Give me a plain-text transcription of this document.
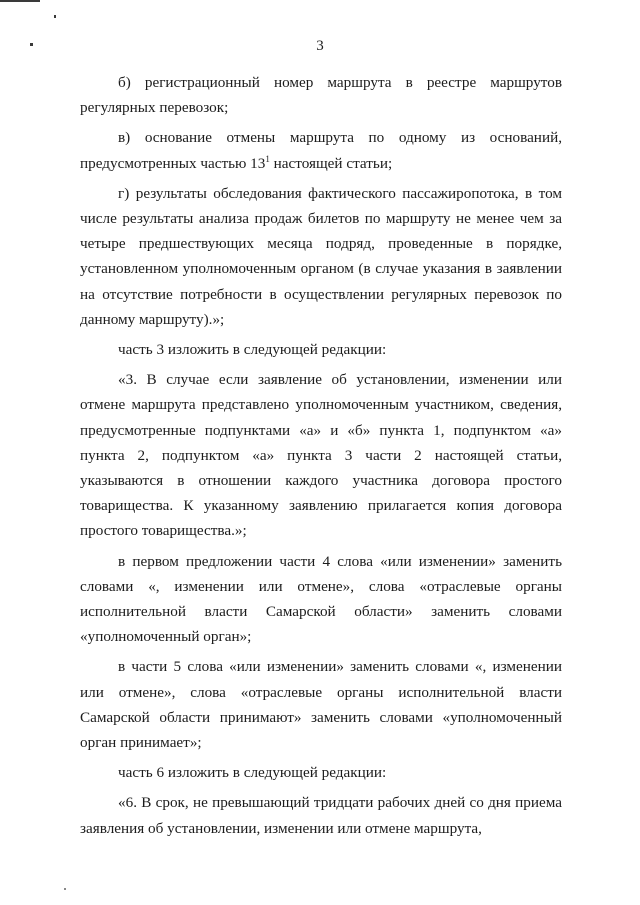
3

б) регистрационный номер маршрута в реестре маршрутов регулярных перевозок;

в) основание отмены маршрута по одному из оснований, предусмотренных частью $13^1$ настоящей статьи;

г) результаты обследования фактического пассажиропотока, в том числе результаты анализа продаж билетов по маршруту не менее чем за четыре предшествующих месяца подряд, проведенные в порядке, установленном уполномоченным органом (в случае указания в заявлении на отсутствие потребности в осуществлении регулярных перевозок по данному маршруту).»;

часть 3 изложить в следующей редакции:

«3. В случае если заявление об установлении, изменении или отмене маршрута представлено уполномоченным участником, сведения, предусмотренные подпунктами «а» и «б» пункта 1, подпунктом «а» пункта 2, подпунктом «а» пункта 3 части 2 настоящей статьи, указываются в отношении каждого участника договора простого товарищества. К указанному заявлению прилагается копия договора простого товарищества.»;

в первом предложении части 4 слова «или изменении» заменить словами «, изменении или отмене», слова «отраслевые органы исполнительной власти Самарской области» заменить словами «уполномоченный орган»;

в части 5 слова «или изменении» заменить словами «, изменении или отмене», слова «отраслевые органы исполнительной власти Самарской области принимают» заменить словами «уполномоченный орган принимает»;

часть 6 изложить в следующей редакции:

«6. В срок, не превышающий тридцати рабочих дней со дня приема заявления об установлении, изменении или отмене маршрута,
